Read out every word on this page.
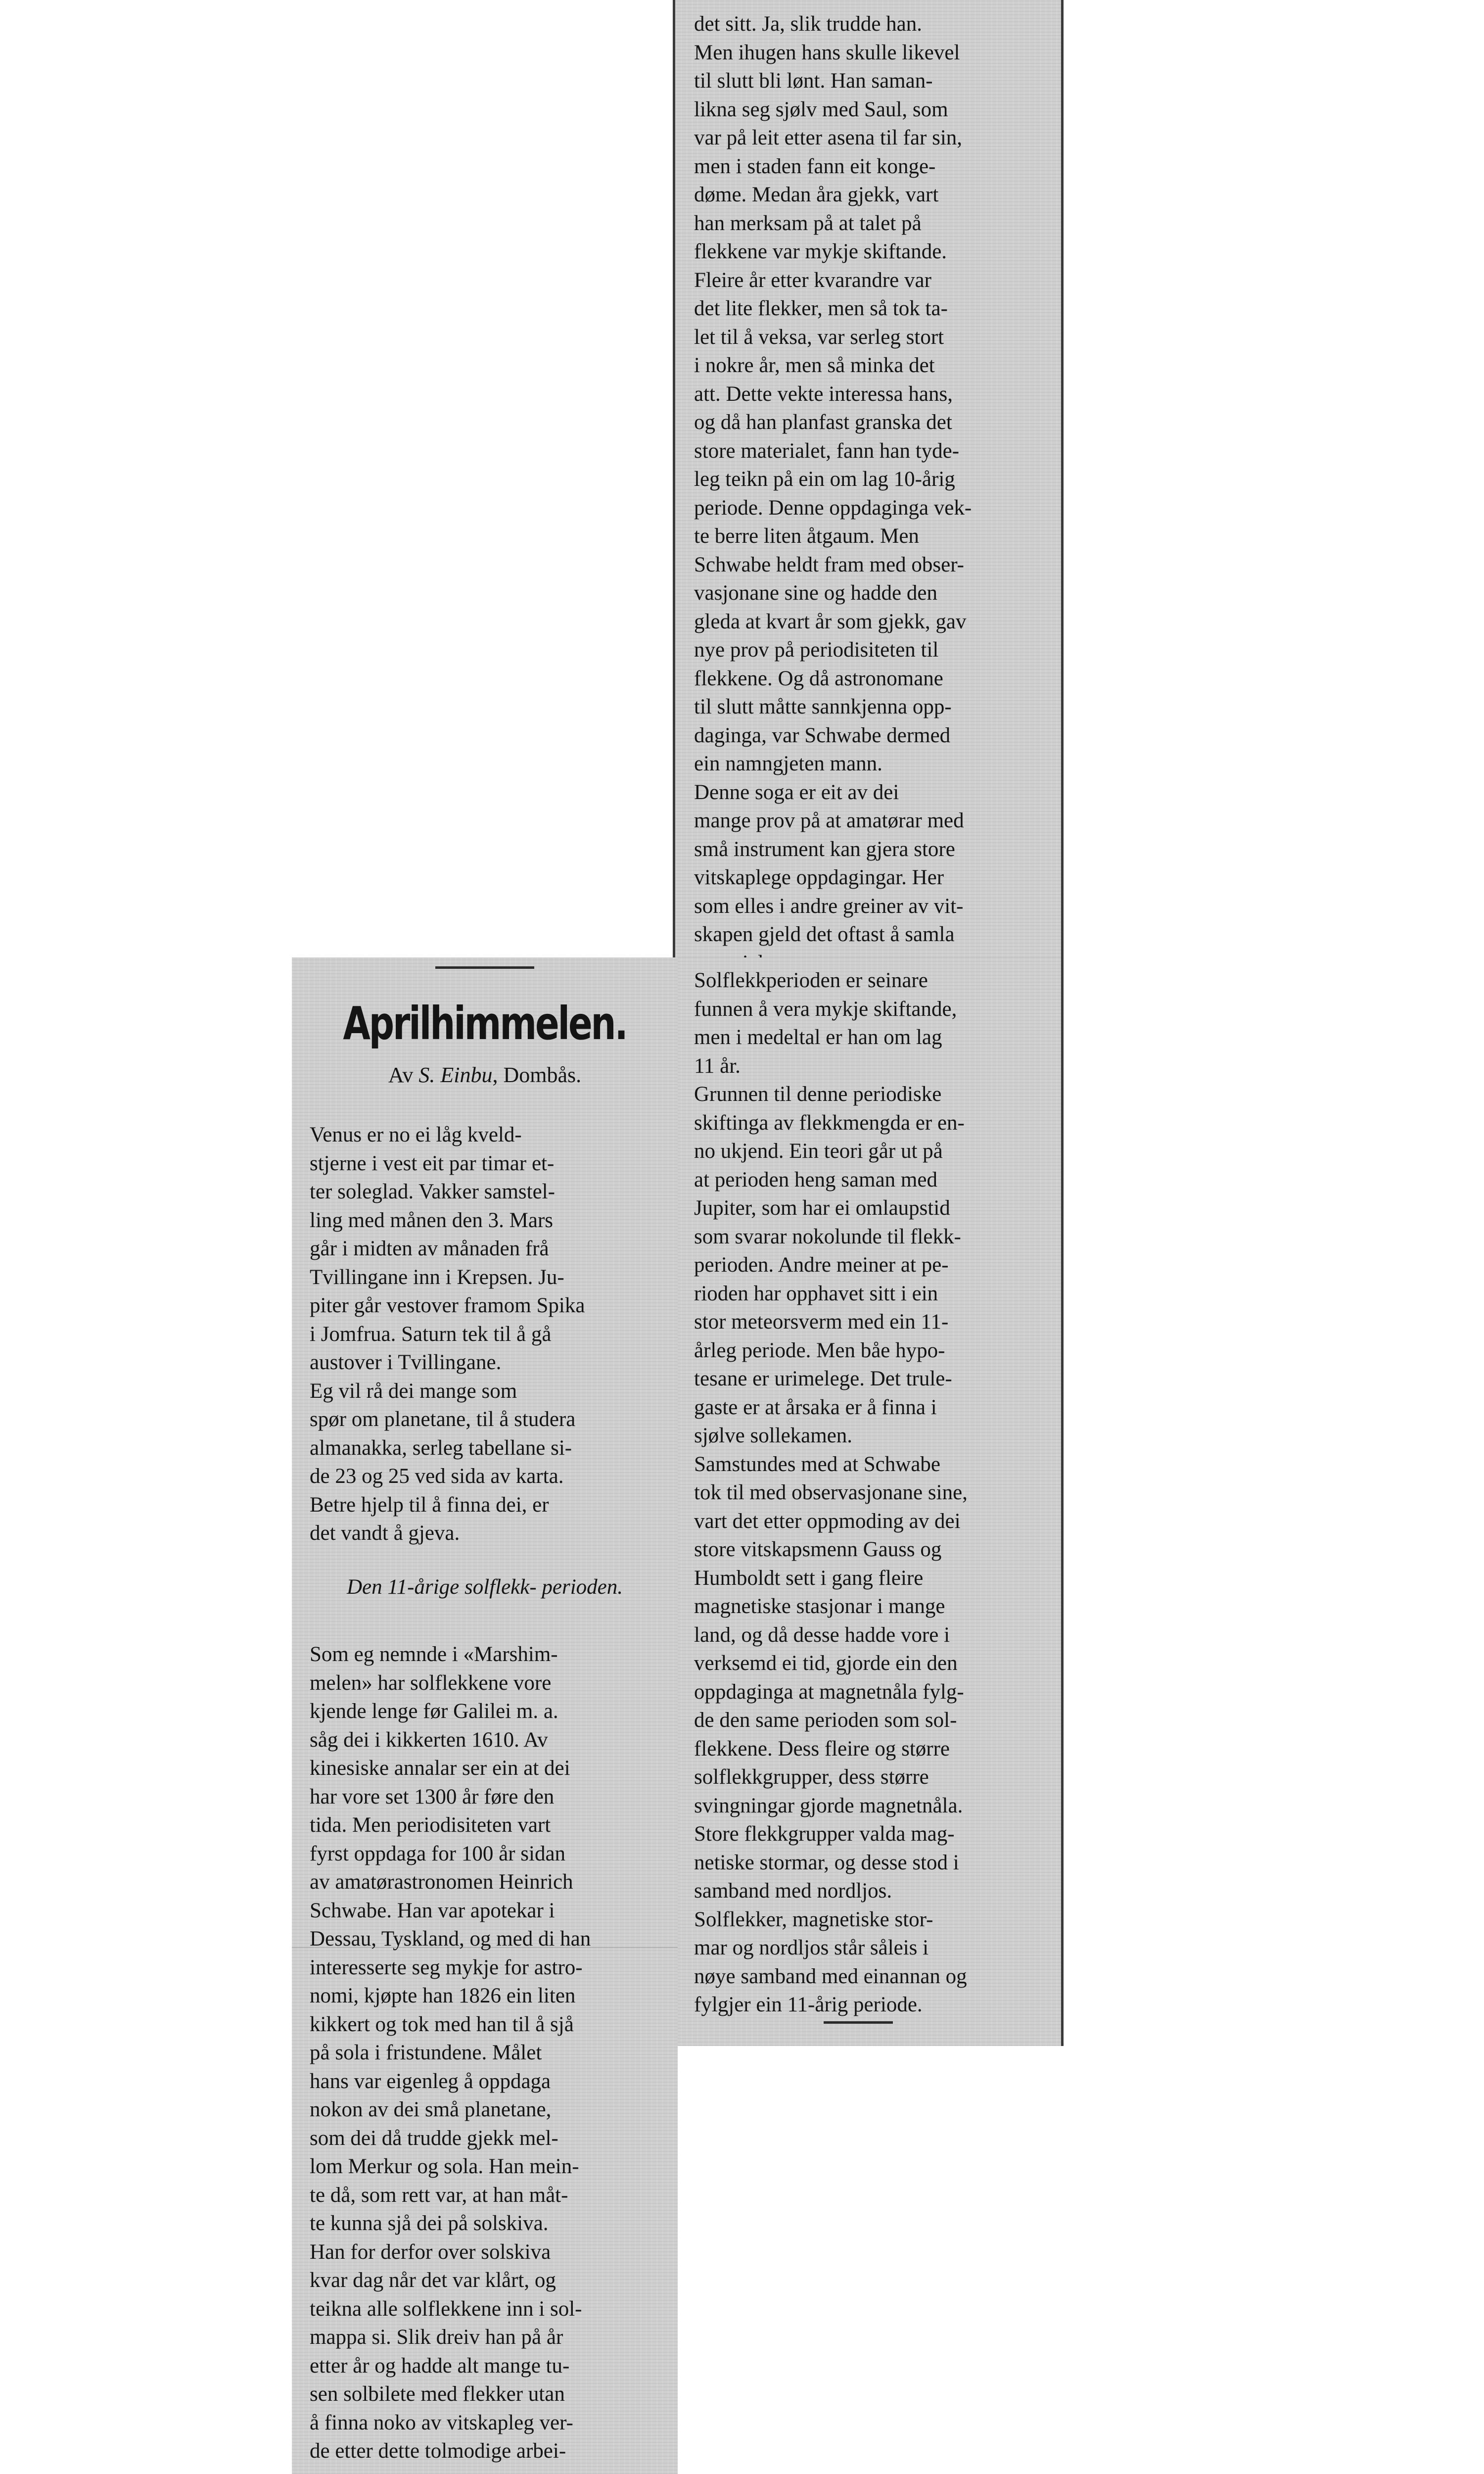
det sitt. Ja, slik trudde han.
Men ihugen hans skulle likevel
til slutt bli lønt. Han saman-
likna seg sjølv med Saul, som
var på leit etter asena til far sin,
men i staden fann eit konge-
døme. Medan åra gjekk, vart
han merksam på at talet på
flekkene var mykje skiftande.
Fleire år etter kvarandre var
det lite flekker, men så tok ta-
let til å veksa, var serleg stort
i nokre år, men så minka det
att. Dette vekte interessa hans,
og då han planfast granska det
store materialet, fann han tyde-
leg teikn på ein om lag 10-årig
periode. Denne oppdaginga vek-
te berre liten åtgaum. Men
Schwabe heldt fram med obser-
vasjonane sine og hadde den
gleda at kvart år som gjekk, gav
nye prov på periodisiteten til
flekkene. Og då astronomane
til slutt måtte sannkjenna opp-
daginga, var Schwabe dermed
ein namngjeten mann.
Denne soga er eit av dei
mange prov på at amatørar med
små instrument kan gjera store
vitskaplege oppdagingar. Her
som elles i andre greiner av vit-
skapen gjeld det oftast å samla

Solflekkperioden er seinare
funnen å vera mykje skiftande,
men i medeltal er han om lag
11 år.
Grunnen til denne periodiske
skiftinga av flekkmengda er en-
no ukjend. Ein teori går ut på
at perioden heng saman med
Jupiter, som har ei omlaupstid
som svarar nokolunde til flekk-
perioden. Andre meiner at pe-
rioden har opphavet sitt i ein
stor meteorsverm med ein 11-
årleg periode. Men båe hypo-
tesane er urimelege. Det trule-
gaste er at årsaka er å finna i
sjølve sollekamen.
Samstundes med at Schwabe
tok til med observasjonane sine,
vart det etter oppmoding av dei
store vitskapsmenn Gauss og
Humboldt sett i gang fleire
magnetiske stasjonar i mange
land, og då desse hadde vore i
verksemd ei tid, gjorde ein den
oppdaginga at magnetnåla fylg-
de den same perioden som sol-
flekkene. Dess fleire og større
solflekkgrupper, dess større
svingningar gjorde magnetnåla.
Store flekkgrupper valda mag-
netiske stormar, og desse stod i
samband med nordljos.
Solflekker, magnetiske stor-
mar og nordljos står såleis i
nøye samband med einannan og
fylgjer ein 11-årig periode.

Aprilhimmelen.
Av S. Einbu, Dombås.

Venus er no ei låg kveld-
stjerne i vest eit par timar et-
ter soleglad. Vakker samstel-
ling med månen den 3. Mars
går i midten av månaden frå
Tvillingane inn i Krepsen. Ju-
piter går vestover framom Spika
i Jomfrua. Saturn tek til å gå
austover i Tvillingane.
Eg vil rå dei mange som
spør om planetane, til å studera
almanakka, serleg tabellane si-
de 23 og 25 ved sida av karta.
Betre hjelp til å finna dei, er
det vandt å gjeva.

Den 11-årige solflekk- perioden.

Som eg nemnde i «Marshim-
melen» har solflekkene vore
kjende lenge før Galilei m. a.
såg dei i kikkerten 1610. Av
kinesiske annalar ser ein at dei
har vore set 1300 år føre den
tida. Men periodisiteten vart
fyrst oppdaga for 100 år sidan
av amatørastronomen Heinrich
Schwabe. Han var apotekar i
Dessau, Tyskland, og med di han
interesserte seg mykje for astro-
nomi, kjøpte han 1826 ein liten
kikkert og tok med han til å sjå
på sola i fristundene. Målet
hans var eigenleg å oppdaga
nokon av dei små planetane,
som dei då trudde gjekk mel-
lom Merkur og sola. Han mein-
te då, som rett var, at han måt-
te kunna sjå dei på solskiva.
Han for derfor over solskiva
kvar dag når det var klårt, og
teikna alle solflekkene inn i sol-
mappa si. Slik dreiv han på år
etter år og hadde alt mange tu-
sen solbilete med flekker utan
å finna noko av vitskapleg ver-
de etter dette tolmodige arbei-
